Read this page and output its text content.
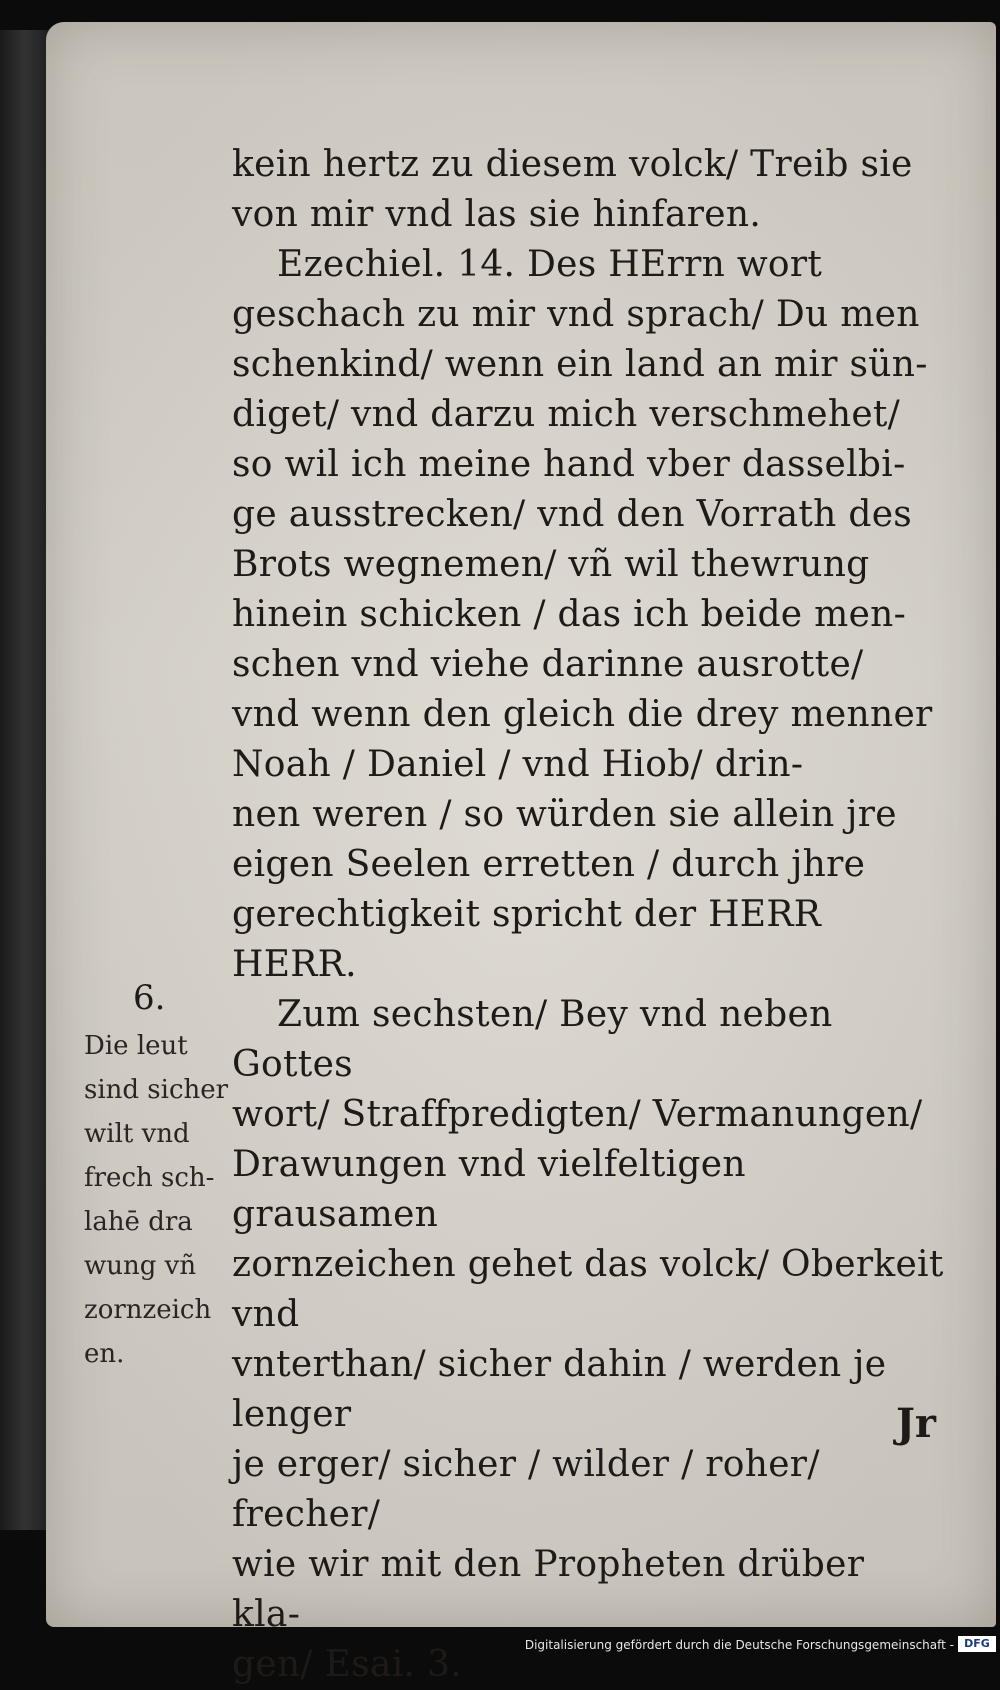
kein hertz zu diesem volck/ Treib sie
von mir vnd las sie hinfaren.

Ezechiel. 14. Des HErrn wort
geschach zu mir vnd sprach/ Du men
schenkind/ wenn ein land an mir sün-
diget/ vnd darzu mich verschmehet/
so wil ich meine hand vber dasselbi-
ge ausstrecken/ vnd den Vorrath des
Brots wegnemen/ vñ wil thewrung
hinein schicken / das ich beide men-
schen vnd viehe darinne ausrotte/
vnd wenn den gleich die drey menner
Noah / Daniel / vnd Hiob/ drin-
nen weren / so würden sie allein jre
eigen Seelen erretten / durch jhre
gerechtigkeit spricht der HERR
HERR.

Zum sechsten/ Bey vnd neben Gottes
wort/ Straffpredigten/ Vermanungen/
Drawungen vnd vielfeltigen grausamen
zornzeichen gehet das volck/ Oberkeit vnd
vnterthan/ sicher dahin / werden je lenger
je erger/ sicher / wilder / roher/ frecher/
wie wir mit den Propheten drüber kla-
gen/ Esai. 3.

6.
Die leut
sind sicher
wilt vnd
frech sch-
lahē dra
wung vñ
zornzeich
en.
Jr
Digitalisierung gefördert durch die Deutsche Forschungsgemeinschaft - DFG
